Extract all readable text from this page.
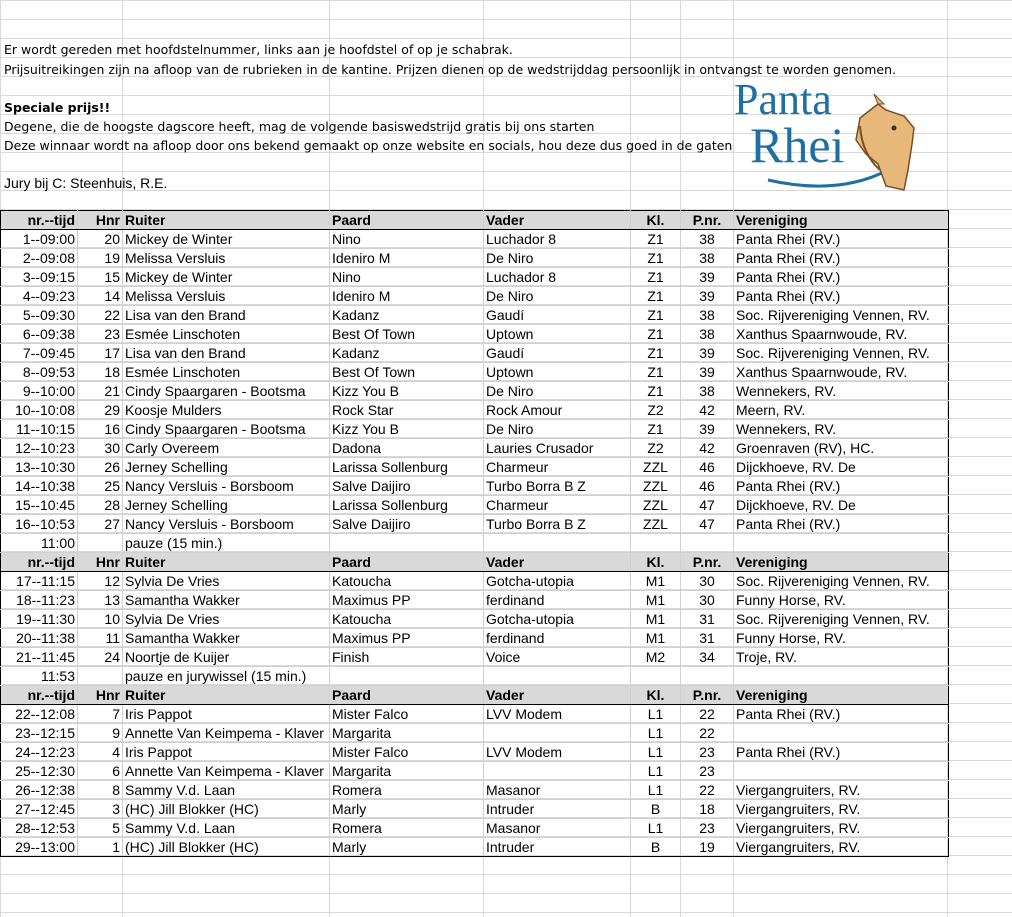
Er wordt gereden met hoofdstelnummer, links aan je hoofdstel of op je schabrak.
Prijsuitreikingen zijn na afloop van de rubrieken in de kantine. Prijzen dienen op de wedstrijddag persoonlijk in ontvangst te worden genomen.
Speciale prijs!!
Degene, die de hoogste dagscore heeft, mag de volgende basiswedstrijd gratis bij ons starten
Deze winnaar wordt na afloop door ons bekend gemaakt op onze website en socials, hou deze dus goed in de gaten
Jury bij C: Steenhuis, R.E.
Panta
Rhei
nr.--tijd	Hnr	Ruiter	Paard	Vader	Kl.	P.nr.	Vereniging
1--09:00	20	Mickey de Winter	Nino	Luchador 8	Z1	38	Panta Rhei (RV.)
2--09:08	19	Melissa Versluis	Ideniro M	De Niro	Z1	38	Panta Rhei (RV.)
3--09:15	15	Mickey de Winter	Nino	Luchador 8	Z1	39	Panta Rhei (RV.)
4--09:23	14	Melissa Versluis	Ideniro M	De Niro	Z1	39	Panta Rhei (RV.)
5--09:30	22	Lisa van den Brand	Kadanz	Gaudí	Z1	38	Soc. Rijvereniging Vennen, RV.
6--09:38	23	Esmée Linschoten	Best Of Town	Uptown	Z1	38	Xanthus Spaarnwoude, RV.
7--09:45	17	Lisa van den Brand	Kadanz	Gaudí	Z1	39	Soc. Rijvereniging Vennen, RV.
8--09:53	18	Esmée Linschoten	Best Of Town	Uptown	Z1	39	Xanthus Spaarnwoude, RV.
9--10:00	21	Cindy Spaargaren - Bootsma	Kizz You B	De Niro	Z1	38	Wennekers, RV.
10--10:08	29	Koosje Mulders	Rock Star	Rock Amour	Z2	42	Meern, RV.
11--10:15	16	Cindy Spaargaren - Bootsma	Kizz You B	De Niro	Z1	39	Wennekers, RV.
12--10:23	30	Carly Overeem	Dadona	Lauries Crusador	Z2	42	Groenraven (RV), HC.
13--10:30	26	Jerney Schelling	Larissa Sollenburg	Charmeur	ZZL	46	Dijckhoeve, RV. De
14--10:38	25	Nancy Versluis - Borsboom	Salve Daijiro	Turbo Borra B Z	ZZL	46	Panta Rhei (RV.)
15--10:45	28	Jerney Schelling	Larissa Sollenburg	Charmeur	ZZL	47	Dijckhoeve, RV. De
16--10:53	27	Nancy Versluis - Borsboom	Salve Daijiro	Turbo Borra B Z	ZZL	47	Panta Rhei (RV.)
11:00		pauze (15 min.)					
nr.--tijd	Hnr	Ruiter	Paard	Vader	Kl.	P.nr.	Vereniging
17--11:15	12	Sylvia De Vries	Katoucha	Gotcha-utopia	M1	30	Soc. Rijvereniging Vennen, RV.
18--11:23	13	Samantha Wakker	Maximus PP	ferdinand	M1	30	Funny Horse, RV.
19--11:30	10	Sylvia De Vries	Katoucha	Gotcha-utopia	M1	31	Soc. Rijvereniging Vennen, RV.
20--11:38	11	Samantha Wakker	Maximus PP	ferdinand	M1	31	Funny Horse, RV.
21--11:45	24	Noortje de Kuijer	Finish	Voice	M2	34	Troje, RV.
11:53		pauze en jurywissel (15 min.)					
nr.--tijd	Hnr	Ruiter	Paard	Vader	Kl.	P.nr.	Vereniging
22--12:08	7	Iris Pappot	Mister Falco	LVV Modem	L1	22	Panta Rhei (RV.)
23--12:15	9	Annette Van Keimpema - Klaver	Margarita		L1	22	
24--12:23	4	Iris Pappot	Mister Falco	LVV Modem	L1	23	Panta Rhei (RV.)
25--12:30	6	Annette Van Keimpema - Klaver	Margarita		L1	23	
26--12:38	8	Sammy V.d. Laan	Romera	Masanor	L1	22	Viergangruiters, RV.
27--12:45	3	(HC) Jill Blokker (HC)	Marly	Intruder	B	18	Viergangruiters, RV.
28--12:53	5	Sammy V.d. Laan	Romera	Masanor	L1	23	Viergangruiters, RV.
29--13:00	1	(HC) Jill Blokker (HC)	Marly	Intruder	B	19	Viergangruiters, RV.
